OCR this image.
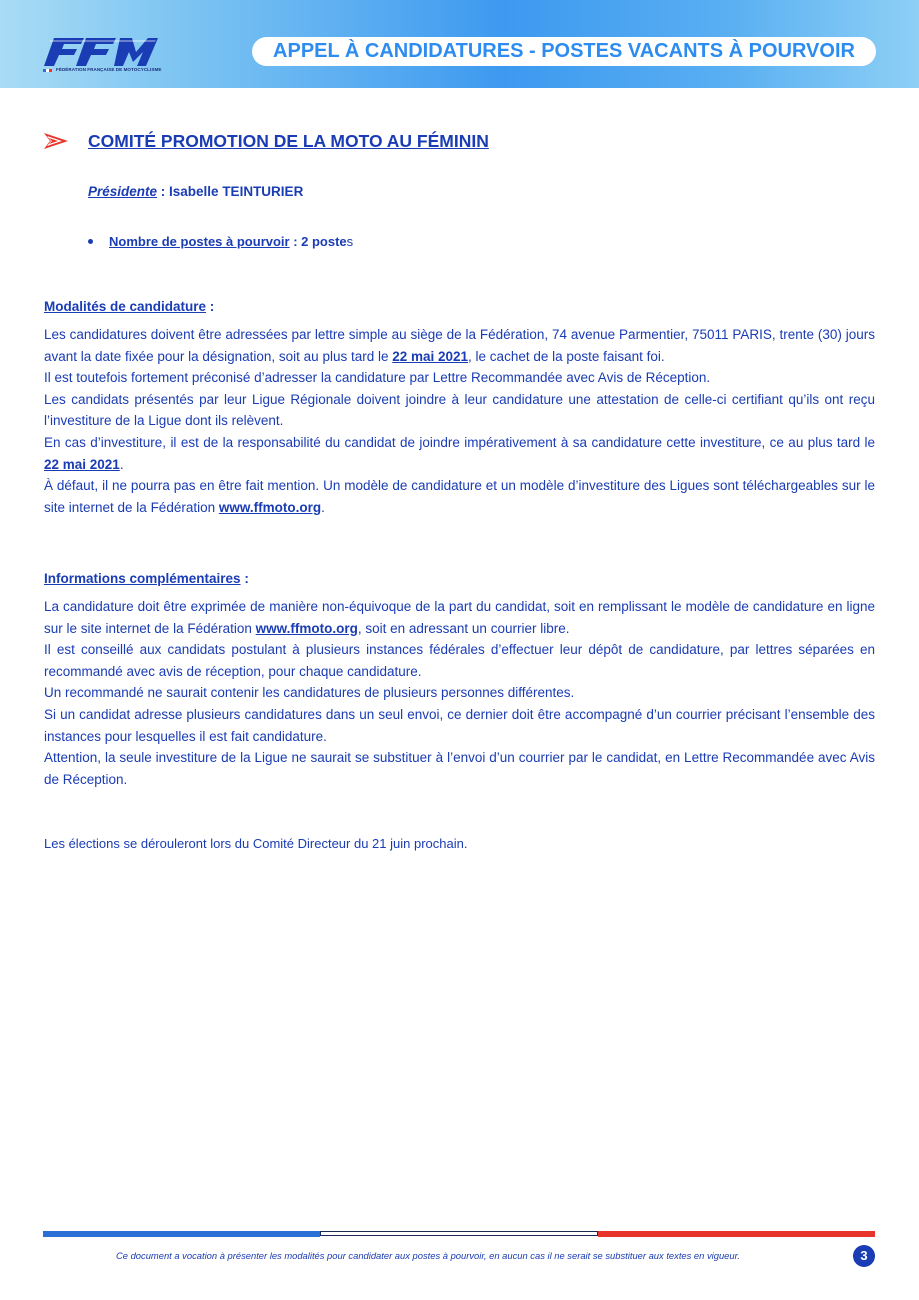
FÉDÉRATION FRANÇAISE DE MOTOCYCLISME
APPEL À CANDIDATURES - POSTES VACANTS À POURVOIR
COMITÉ PROMOTION DE LA MOTO AU FÉMININ
Présidente : Isabelle TEINTURIER
Nombre de postes à pourvoir : 2 postes
Modalités de candidature :

Les candidatures doivent être adressées par lettre simple au siège de la Fédération, 74 avenue Parmentier, 75011 PARIS, trente (30) jours avant la date fixée pour la désignation, soit au plus tard le 22 mai 2021, le cachet de la poste faisant foi.

Il est toutefois fortement préconisé d’adresser la candidature par Lettre Recommandée avec Avis de Réception.

Les candidats présentés par leur Ligue Régionale doivent joindre à leur candidature une attestation de celle-ci certifiant qu’ils ont reçu l’investiture de la Ligue dont ils relèvent.

En cas d’investiture, il est de la responsabilité du candidat de joindre impérativement à sa candidature cette investiture, ce au plus tard le 22 mai 2021.

À défaut, il ne pourra pas en être fait mention. Un modèle de candidature et un modèle d’investiture des Ligues sont téléchargeables sur le site internet de la Fédération www.ffmoto.org.

Informations complémentaires :

La candidature doit être exprimée de manière non-équivoque de la part du candidat, soit en remplissant le modèle de candidature en ligne sur le site internet de la Fédération www.ffmoto.org, soit en adressant un courrier libre.

Il est conseillé aux candidats postulant à plusieurs instances fédérales d’effectuer leur dépôt de candidature, par lettres séparées en recommandé avec avis de réception, pour chaque candidature.

Un recommandé ne saurait contenir les candidatures de plusieurs personnes différentes.

Si un candidat adresse plusieurs candidatures dans un seul envoi, ce dernier doit être accompagné d’un courrier précisant l’ensemble des instances pour lesquelles il est fait candidature.

Attention, la seule investiture de la Ligue ne saurait se substituer à l’envoi d’un courrier par le candidat, en Lettre Recommandée avec Avis de Réception.

Les élections se dérouleront lors du Comité Directeur du 21 juin prochain.
Ce document a vocation à présenter les modalités pour candidater aux postes à pourvoir, en aucun cas il ne serait se substituer aux textes en vigueur.	3
